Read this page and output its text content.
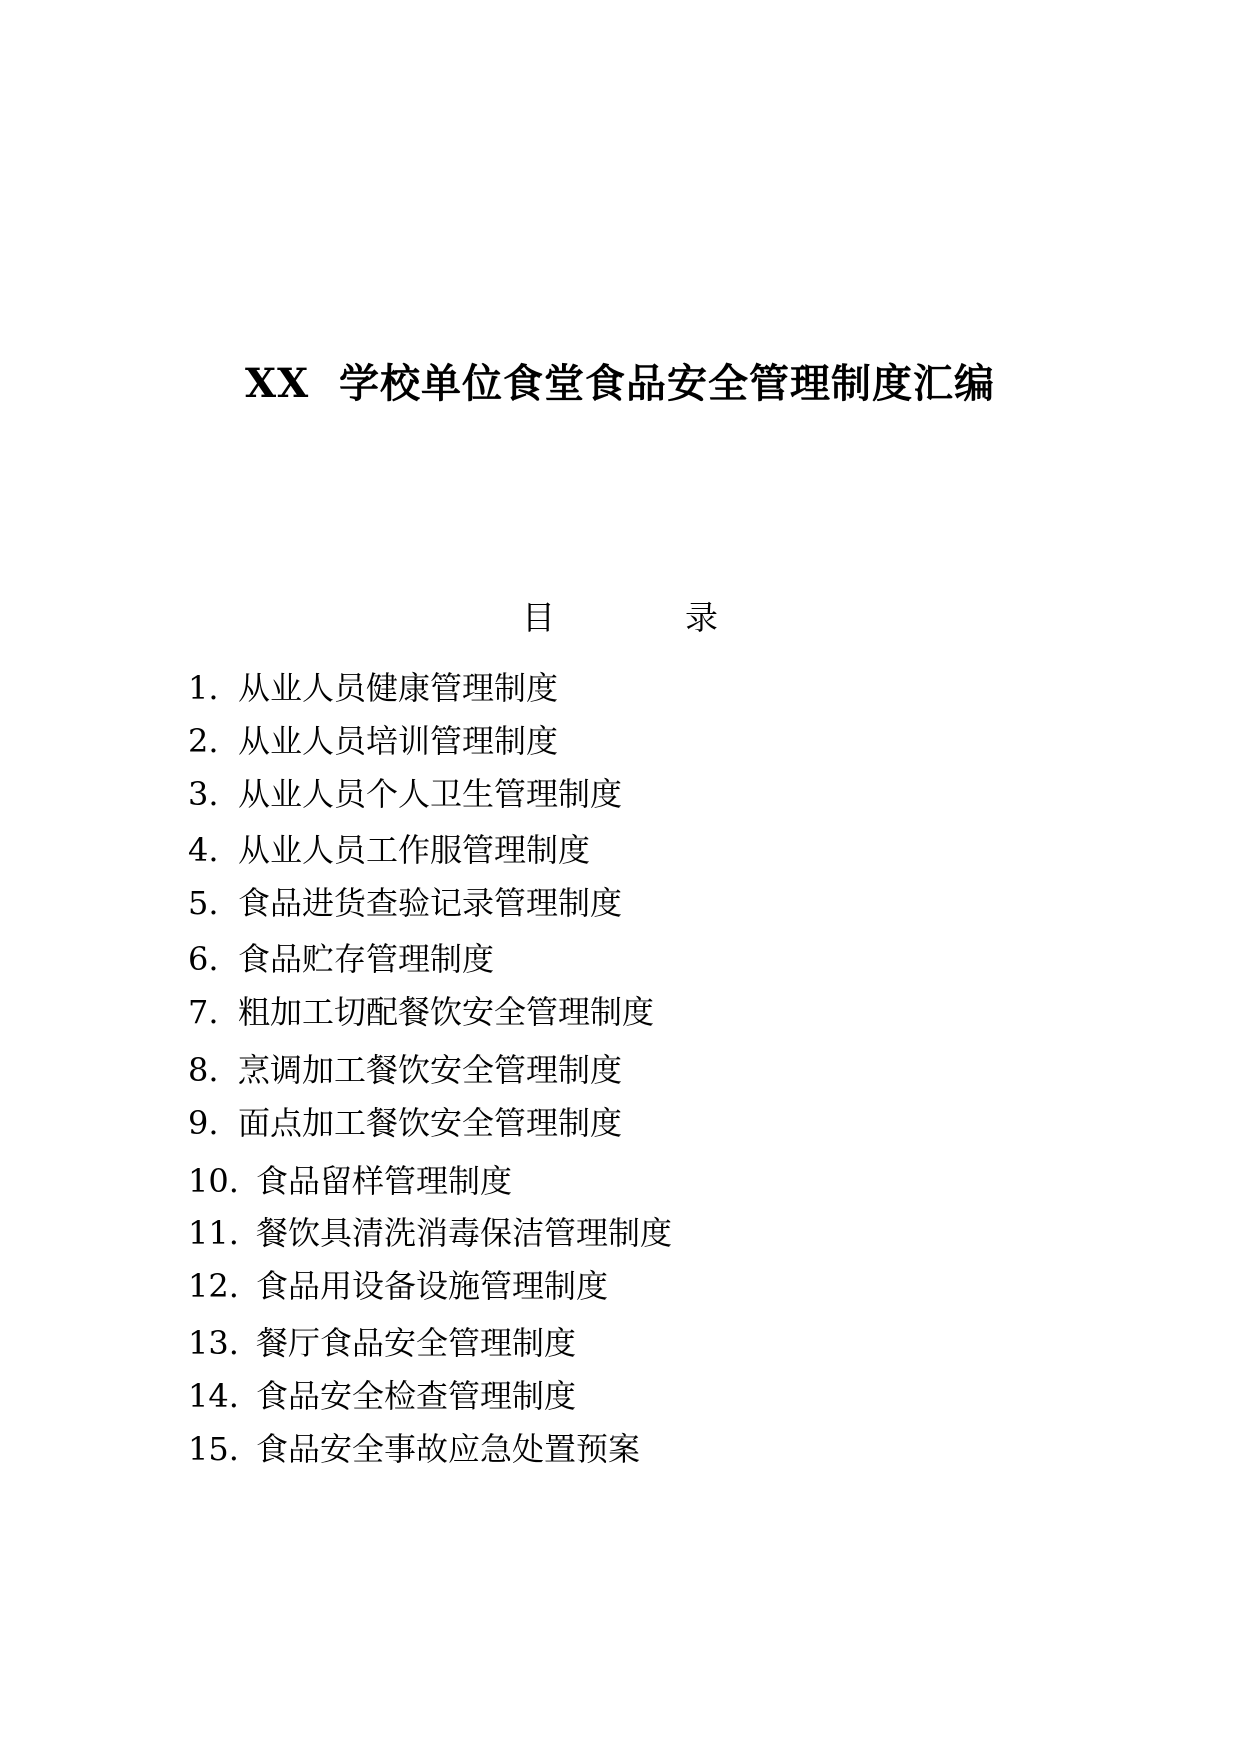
XX  学校单位食堂食品安全管理制度汇编
目	录
1. 从业人员健康管理制度
2. 从业人员培训管理制度
3. 从业人员个人卫生管理制度
4. 从业人员工作服管理制度
5. 食品进货查验记录管理制度
6. 食品贮存管理制度
7. 粗加工切配餐饮安全管理制度
8. 烹调加工餐饮安全管理制度
9. 面点加工餐饮安全管理制度
10. 食品留样管理制度
11. 餐饮具清洗消毒保洁管理制度
12. 食品用设备设施管理制度
13. 餐厅食品安全管理制度
14. 食品安全检查管理制度
15. 食品安全事故应急处置预案
